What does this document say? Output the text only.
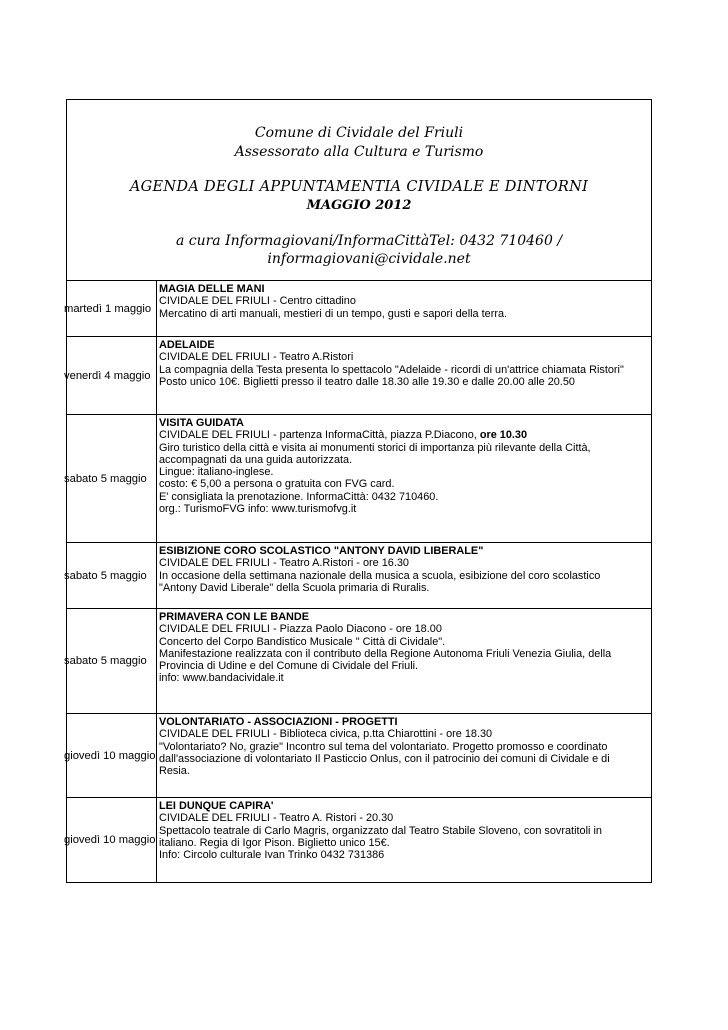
Comune di Cividale del Friuli
Assessorato alla Cultura e Turismo
AGENDA DEGLI APPUNTAMENTIA CIVIDALE E DINTORNI
MAGGIO 2012
a cura Informagiovani/InformaCittàTel: 0432 710460 /
informagiovani@cividale.net
martedì 1 maggio
MAGIA DELLE MANI
CIVIDALE DEL FRIULI - Centro cittadino
Mercatino di arti manuali, mestieri di un tempo, gusti e sapori della terra.
venerdì 4 maggio
ADELAIDE
CIVIDALE DEL FRIULI - Teatro A.Ristori
La compagnia della Testa presenta lo spettacolo "Adelaide - ricordi di un'attrice chiamata Ristori"
Posto unico 10€. Biglietti presso il teatro dalle 18.30 alle 19.30 e dalle 20.00 alle 20.50
sabato 5 maggio
VISITA GUIDATA
CIVIDALE DEL FRIULI - partenza InformaCittà, piazza P.Diacono, ore 10.30
Giro turistico della città e visita ai monumenti storici di importanza più rilevante della Città,
accompagnati da una guida autorizzata.
Lingue: italiano-inglese.
costo: € 5,00 a persona o gratuita con FVG card.
E' consigliata la prenotazione. InformaCittà: 0432 710460.
org.: TurismoFVG info: www.turismofvg.it
sabato 5 maggio
ESIBIZIONE CORO SCOLASTICO "ANTONY DAVID LIBERALE"
CIVIDALE DEL FRIULI - Teatro A.Ristori - ore 16.30
In occasione della settimana nazionale della musica a scuola, esibizione del coro scolastico
"Antony David Liberale" della Scuola primaria di Ruralis.
sabato 5 maggio
PRIMAVERA CON LE BANDE
CIVIDALE DEL FRIULI - Piazza Paolo Diacono - ore 18.00
Concerto del Corpo Bandistico Musicale " Città di Cividale".
Manifestazione realizzata con il contributo della Regione Autonoma Friuli Venezia Giulia, della
Provincia di Udine e del Comune di Cividale del Friuli.
info: www.bandacividale.it
giovedì 10 maggio
VOLONTARIATO - ASSOCIAZIONI - PROGETTI
CIVIDALE DEL FRIULI - Biblioteca civica, p.tta Chiarottini - ore 18.30
"Volontariato? No, grazie" Incontro sul tema del volontariato. Progetto promosso e coordinato
dall'associazione di volontariato Il Pasticcio Onlus, con il patrocinio dei comuni di Cividale e di
Resia.
giovedì 10 maggio
LEI DUNQUE CAPIRA'
CIVIDALE DEL FRIULI - Teatro A. Ristori - 20.30
Spettacolo teatrale di Carlo Magris, organizzato dal Teatro Stabile Sloveno, con sovratitoli in
italiano. Regia di Igor Pison. Biglietto unico 15€.
Info: Circolo culturale Ivan Trinko 0432 731386
